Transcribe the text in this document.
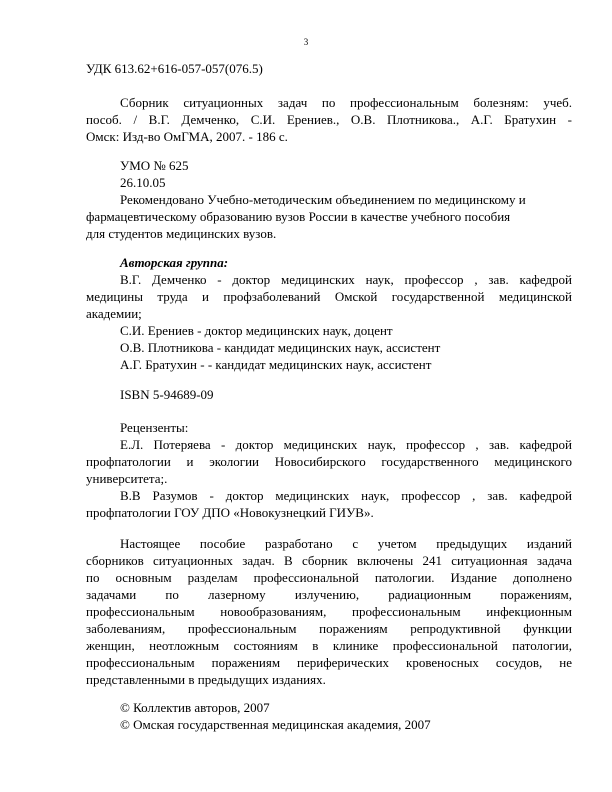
3

УДК 613.62+616-057-057(076.5)

Сборник ситуационных задач по профессиональным болезням: учеб.
пособ. / В.Г. Демченко, С.И. Ерениев., О.В. Плотникова., А.Г. Братухин -
Омск: Изд-во ОмГМА, 2007. - 186 с.
УМО № 625
26.10.05
Рекомендовано Учебно-методическим объединением по медицинскому и
фармацевтическому образованию вузов России в качестве учебного пособия
для студентов медицинских вузов.
Авторская группа:
В.Г. Демченко - доктор медицинских наук, профессор , зав. кафедрой
медицины труда и профзаболеваний Омской государственной медицинской
академии;
С.И. Ерениев - доктор медицинских наук, доцент
О.В. Плотникова - кандидат медицинских наук, ассистент
А.Г. Братухин - - кандидат медицинских наук, ассистент

ISBN 5-94689-09

Рецензенты:
Е.Л. Потеряева - доктор медицинских наук, профессор , зав. кафедрой
профпатологии и экологии Новосибирского государственного медицинского
университета;.
В.В Разумов - доктор медицинских наук, профессор , зав. кафедрой
профпатологии ГОУ ДПО «Новокузнецкий ГИУВ».
Настоящее пособие разработано с учетом предыдущих изданий
сборников ситуационных задач. В сборник включены 241 ситуационная задача
по основным разделам профессиональной патологии. Издание дополнено
задачами по лазерному излучению, радиационным поражениям,
профессиональным новообразованиям, профессиональным инфекционным
заболеваниям, профессиональным поражениям репродуктивной функции
женщин, неотложным состояниям в клинике профессиональной патологии,
профессиональным поражениям периферических кровеносных сосудов, не
представленными в предыдущих изданиях.
© Коллектив авторов, 2007
© Омская государственная медицинская академия, 2007
